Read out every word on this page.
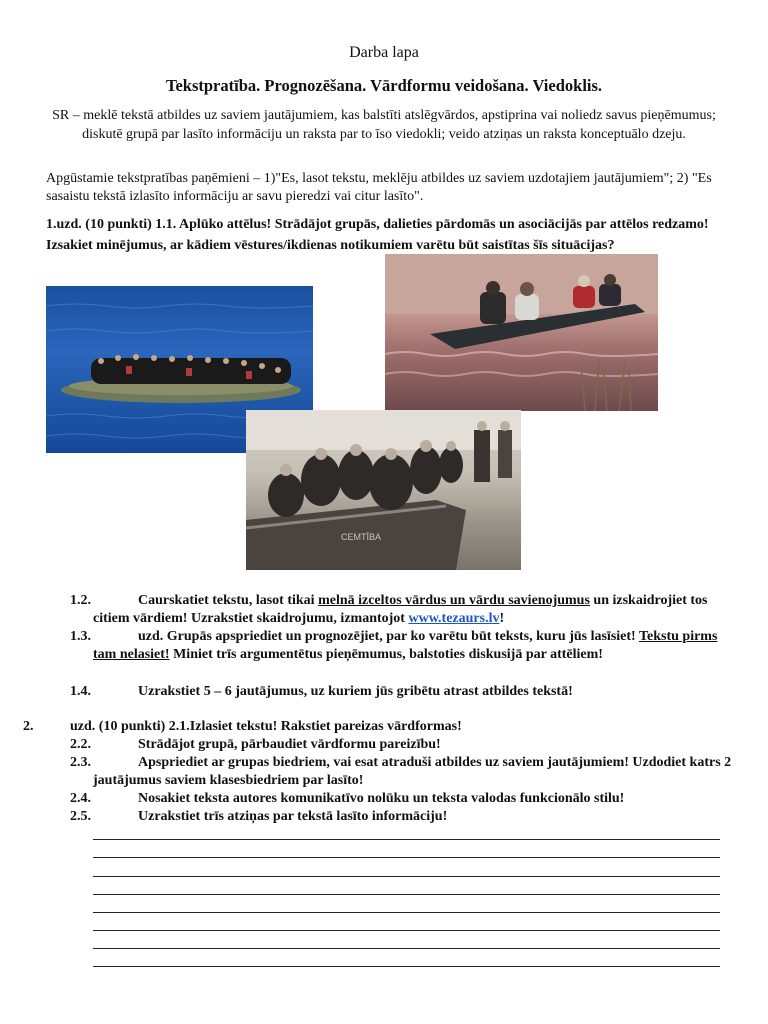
Darba lapa
Tekstpratība. Prognozēšana. Vārdformu veidošana. Viedoklis.
SR – meklē tekstā atbildes uz saviem jautājumiem, kas balstīti atslēgvārdos, apstiprina vai noliedz savus pieņēmumus; diskutē grupā par lasīto informāciju un raksta par to īso viedokli; veido atziņas un raksta konceptuālo dzeju.
Apgūstamie tekstpratības paņēmieni – 1)"Es, lasot tekstu, meklēju atbildes uz saviem uzdotajiem jautājumiem"; 2) "Es sasaistu tekstā izlasīto informāciju ar savu pieredzi vai citur lasīto".
1.uzd. (10 punkti) 1.1. Aplūko attēlus! Strādājot grupās, dalieties pārdomās un asociācijās par attēlos redzamo! Izsakiet minējumus, ar kādiem vēstures/ikdienas notikumiem varētu būt saistītas šīs situācijas?
CEMTĪBA
1.2.	Caurskatiet tekstu, lasot tikai melnā izceltos vārdus un vārdu savienojumus un izskaidrojiet tos citiem vārdiem! Uzrakstiet skaidrojumu, izmantojot www.tezaurs.lv!
1.3.	uzd. Grupās apspriediet un prognozējiet, par ko varētu būt teksts, kuru jūs lasīsiet! Tekstu pirms tam nelasiet! Miniet trīs argumentētus pieņēmumus, balstoties diskusijā par attēliem!
1.4.	Uzrakstiet 5 – 6 jautājumus, uz kuriem jūs gribētu atrast atbildes tekstā!
2.	uzd. (10 punkti) 2.1.Izlasiet tekstu! Rakstiet pareizas vārdformas!
2.2.	Strādājot grupā, pārbaudiet vārdformu pareizību!
2.3.	Apspriediet ar grupas biedriem, vai esat atraduši atbildes uz saviem jautājumiem! Uzdodiet katrs 2 jautājumus saviem klasesbiedriem par lasīto!
2.4.	Nosakiet teksta autores komunikatīvo nolūku un teksta valodas funkcionālo stilu!
2.5.	Uzrakstiet trīs atziņas par tekstā lasīto informāciju!
